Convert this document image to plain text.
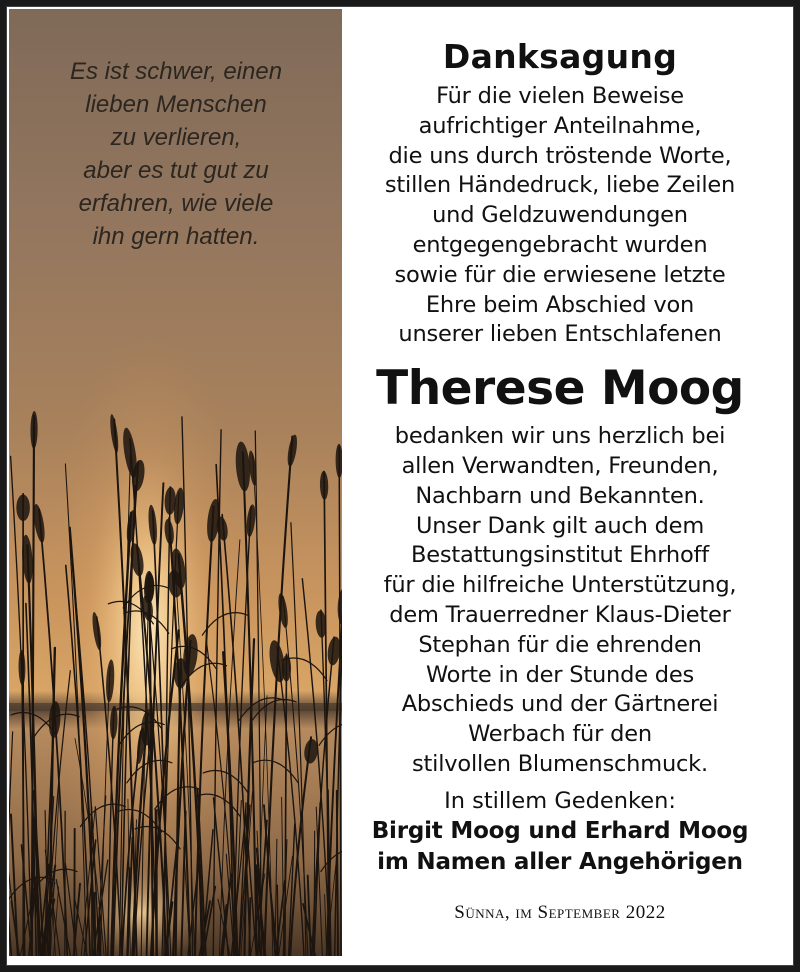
Es ist schwer, einen
lieben Menschen
zu verlieren,
aber es tut gut zu
erfahren, wie viele
ihn gern hatten.
Danksagung
Für die vielen Beweise
aufrichtiger Anteilnahme,
die uns durch tröstende Worte,
stillen Händedruck, liebe Zeilen
und Geldzuwendungen
entgegengebracht wurden
sowie für die erwiesene letzte
Ehre beim Abschied von
unserer lieben Entschlafenen
Therese Moog
bedanken wir uns herzlich bei
allen Verwandten, Freunden,
Nachbarn und Bekannten.
Unser Dank gilt auch dem
Bestattungsinstitut Ehrhoff
für die hilfreiche Unterstützung,
dem Trauerredner Klaus-Dieter
Stephan für die ehrenden
Worte in der Stunde des
Abschieds und der Gärtnerei
Werbach für den
stilvollen Blumenschmuck.
In stillem Gedenken:
Birgit Moog und Erhard Moog
im Namen aller Angehörigen
Sünna, im September 2022
